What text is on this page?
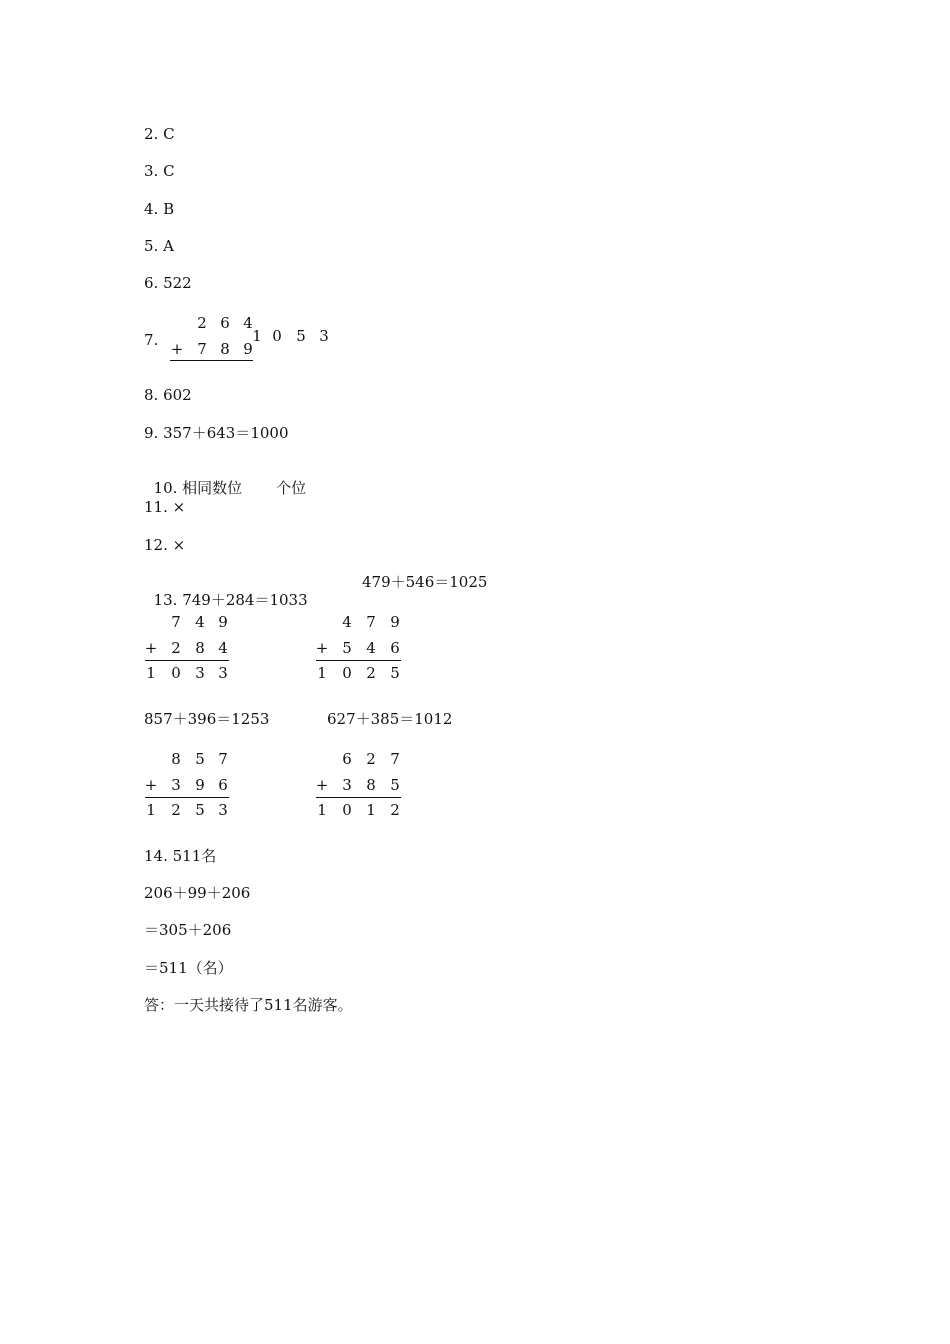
2. C
3. C
4. B
5. A
6. 522
7.
2 6 4
+ 7 8 9
1 0 5 3
8. 602
9. 357＋643＝1000

10. 相同数位 个位

11. ×
12. ×

13. 749＋284＝1033

479＋546＝1025
7 4 9
+ 2 8 4
1 0 3 3
4 7 9
+ 5 4 6
1 0 2 5
857＋396＝1253	627＋385＝1012
8 5 7
+ 3 9 6
1 2 5 3
6 2 7
+ 3 8 5
1 0 1 2
14. 511名
206＋99＋206
＝305＋206
＝511（名）
答：一天共接待了511名游客。
